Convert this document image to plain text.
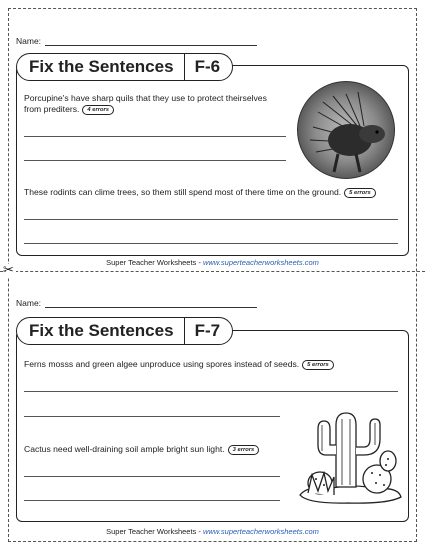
✂
Name:
Fix the Sentences	F-6
Porcupine's have sharp quils that they use to protect theirselves from prediters. 4 errors
These rodints can clime trees, so them still spend most of there time on the ground. 5 errors
Super Teacher Worksheets - www.superteacherworksheets.com
Name:
Fix the Sentences	F-7
Ferns mosss and green algee unproduce using spores instead of seeds. 5 errors
Cactus need well-draining soil ample bright sun light. 3 errors
Super Teacher Worksheets - www.superteacherworksheets.com
